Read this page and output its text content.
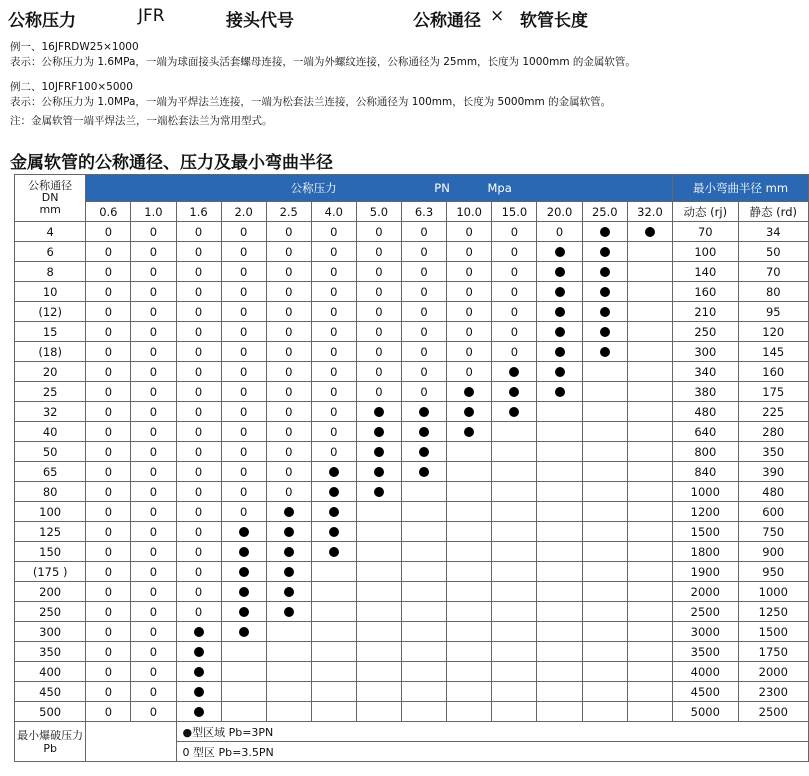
公称压力	JFR	接头代号	公称通径 × 软管长度
例一、16JFRDW25×1000
表示：公称压力为 1.6MPa，一端为球面接头活套螺母连接，一端为外螺纹连接，公称通径为 25mm，长度为 1000mm 的金属软管。
例二、10JFRF100×5000
表示：公称压力为 1.0MPa，一端为平焊法兰连接，一端为松套法兰连接，公称通径为 100mm，长度为 5000mm 的金属软管。
注：金属软管一端平焊法兰，一端松套法兰为常用型式。
金属软管的公称通径、压力及最小弯曲半径
公称通径
DN
mm	公称压力 PN Mpa													最小弯曲半径 mm	
	0.6	1.0	1.6	2.0	2.5	4.0	5.0	6.3	10.0	15.0	20.0	25.0	32.0	动态 (rj)	静态 (rd)
4	0	0	0	0	0	0	0	0	0	0	0			70	34
6	0	0	0	0	0	0	0	0	0	0				100	50
8	0	0	0	0	0	0	0	0	0	0				140	70
10	0	0	0	0	0	0	0	0	0	0				160	80
(12)	0	0	0	0	0	0	0	0	0	0				210	95
15	0	0	0	0	0	0	0	0	0	0				250	120
(18)	0	0	0	0	0	0	0	0	0	0				300	145
20	0	0	0	0	0	0	0	0	0					340	160
25	0	0	0	0	0	0	0	0						380	175
32	0	0	0	0	0	0								480	225
40	0	0	0	0	0	0								640	280
50	0	0	0	0	0	0								800	350
65	0	0	0	0	0									840	390
80	0	0	0	0	0									1000	480
100	0	0	0	0										1200	600
125	0	0	0											1500	750
150	0	0	0											1800	900
(175 )	0	0	0											1900	950
200	0	0	0											2000	1000
250	0	0	0											2500	1250
300	0	0												3000	1500
350	0	0												3500	1750
400	0	0												4000	2000
450	0	0												4500	2300
500	0	0												5000	2500

最小爆破压力
Pb			●型区域 Pb=3PN												
			0 型区 Pb=3.5PN												
